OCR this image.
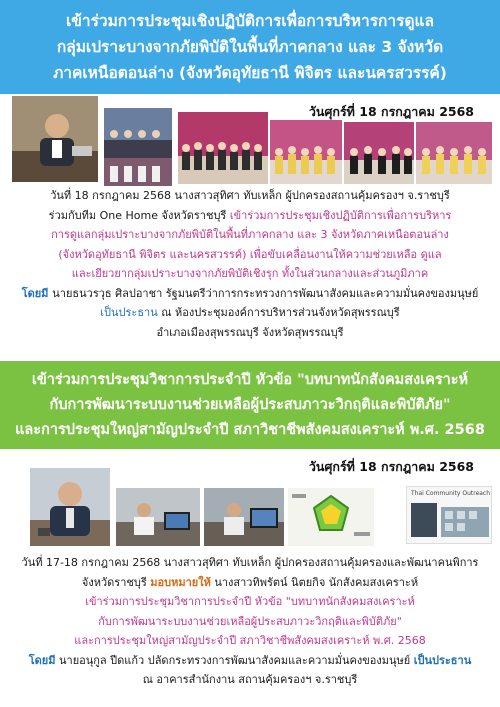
เข้าร่วมการประชุมเชิงปฏิบัติการเพื่อการบริหารการดูแล
กลุ่มเปราะบางจากภัยพิบัติในพื้นที่ภาคกลาง และ 3 จังหวัด
ภาคเหนือตอนล่าง (จังหวัดอุทัยธานี พิจิตร และนครสวรรค์)
วันศุกร์ที่ 18 กรกฎาคม 2568
วันที่ 18 กรกฎาคม 2568 นางสาวสุทิศา ทับเหล็ก ผู้ปกครองสถานคุ้มครองฯ จ.ราชบุรี
ร่วมกับทีม One Home จังหวัดราชบุรี เข้าร่วมการประชุมเชิงปฏิบัติการเพื่อการบริหาร
การดูแลกลุ่มเปราะบางจากภัยพิบัติในพื้นที่ภาคกลาง และ 3 จังหวัดภาคเหนือตอนล่าง
(จังหวัดอุทัยธานี พิจิตร และนครสวรรค์) เพื่อขับเคลื่อนงานให้ความช่วยเหลือ ดูแล
และเยียวยากลุ่มเปราะบางจากภัยพิบัติเชิงรุก ทั้งในส่วนกลางและส่วนภูมิภาค
โดยมี นายธนวรวุธ ศิลปอาชา รัฐมนตรีว่าการกระทรวงการพัฒนาสังคมและความมั่นคงของมนุษย์
เป็นประธาน ณ ห้องประชุมองค์การบริหารส่วนจังหวัดสุพรรณบุรี
อำเภอเมืองสุพรรณบุรี จังหวัดสุพรรณบุรี
เข้าร่วมการประชุมวิชาการประจำปี หัวข้อ "บทบาทนักสังคมสงเคราะห์
กับการพัฒนาระบบงานช่วยเหลือผู้ประสบภาวะวิกฤติและพิบัติภัย"
และการประชุมใหญ่สามัญประจำปี สภาวิชาชีพสังคมสงเคราะห์ พ.ศ. 2568
วันศุกร์ที่ 18 กรกฎาคม 2568
Thai Community Outreach
วันที่ 17-18 กรกฎาคม 2568 นางสาวสุทิศา ทับเหล็ก ผู้ปกครองสถานคุ้มครองและพัฒนาคนพิการ
จังหวัดราชบุรี มอบหมายให้ นางสาวทิพรัตน์ นิตยกิจ นักสังคมสงเคราะห์
เข้าร่วมการประชุมวิชาการประจำปี หัวข้อ "บทบาทนักสังคมสงเคราะห์
กับการพัฒนาระบบงานช่วยเหลือผู้ประสบภาวะวิกฤติและพิบัติภัย"
และการประชุมใหญ่สามัญประจำปี สภาวิชาชีพสังคมสงเคราะห์ พ.ศ. 2568
โดยมี นายอนุกูล ปีดแก้ว ปลัดกระทรวงการพัฒนาสังคมและความมั่นคงของมนุษย์ เป็นประธาน
ณ อาคารสำนักงาน สถานคุ้มครองฯ จ.ราชบุรี
